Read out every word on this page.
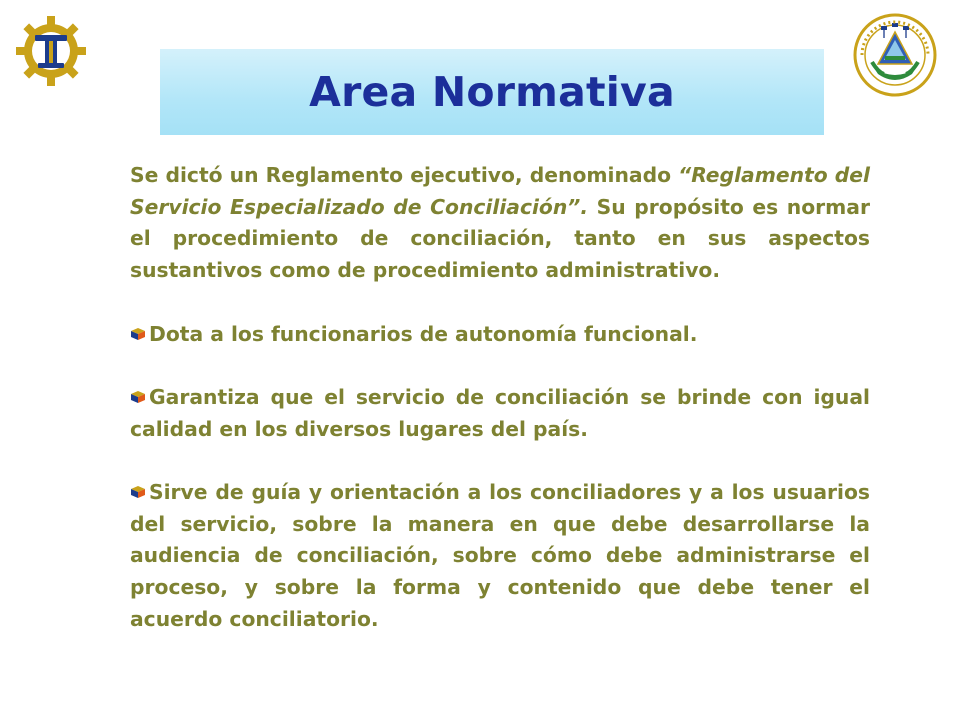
Area Normativa

Se dictó un Reglamento ejecutivo, denominado “Reglamento del Servicio Especializado de Conciliación”. Su propósito es normar el procedimiento de conciliación, tanto en sus aspectos sustantivos como de procedimiento administrativo.

Dota a los funcionarios de autonomía funcional.

Garantiza que el servicio de conciliación se brinde con igual calidad en los diversos lugares del país.

Sirve de guía y orientación a los conciliadores y a los usuarios del servicio, sobre la manera en que debe desarrollarse la audiencia de conciliación, sobre cómo debe administrarse el proceso, y sobre la forma y contenido que debe tener el acuerdo conciliatorio.
